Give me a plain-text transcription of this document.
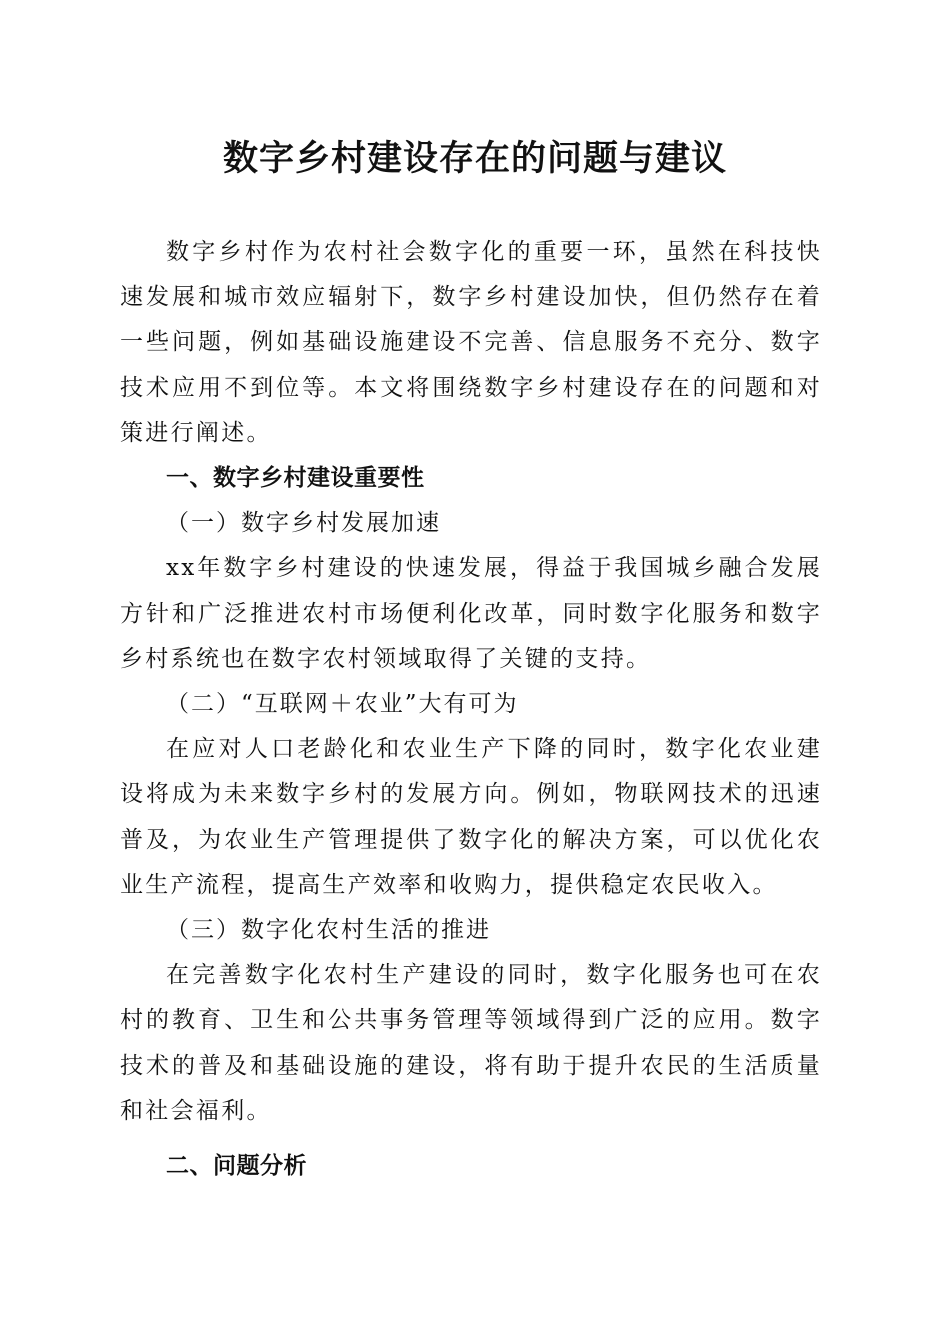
数字乡村建设存在的问题与建议

数字乡村作为农村社会数字化的重要一环，虽然在科技快速发展和城市效应辐射下，数字乡村建设加快，但仍然存在着一些问题，例如基础设施建设不完善、信息服务不充分、数字技术应用不到位等。本文将围绕数字乡村建设存在的问题和对策进行阐述。

一、数字乡村建设重要性

（一）数字乡村发展加速

xx年数字乡村建设的快速发展，得益于我国城乡融合发展方针和广泛推进农村市场便利化改革，同时数字化服务和数字乡村系统也在数字农村领域取得了关键的支持。

（二）“互联网＋农业”大有可为

在应对人口老龄化和农业生产下降的同时，数字化农业建设将成为未来数字乡村的发展方向。例如，物联网技术的迅速普及，为农业生产管理提供了数字化的解决方案，可以优化农业生产流程，提高生产效率和收购力，提供稳定农民收入。

（三）数字化农村生活的推进

在完善数字化农村生产建设的同时，数字化服务也可在农村的教育、卫生和公共事务管理等领域得到广泛的应用。数字技术的普及和基础设施的建设，将有助于提升农民的生活质量和社会福利。

二、问题分析
